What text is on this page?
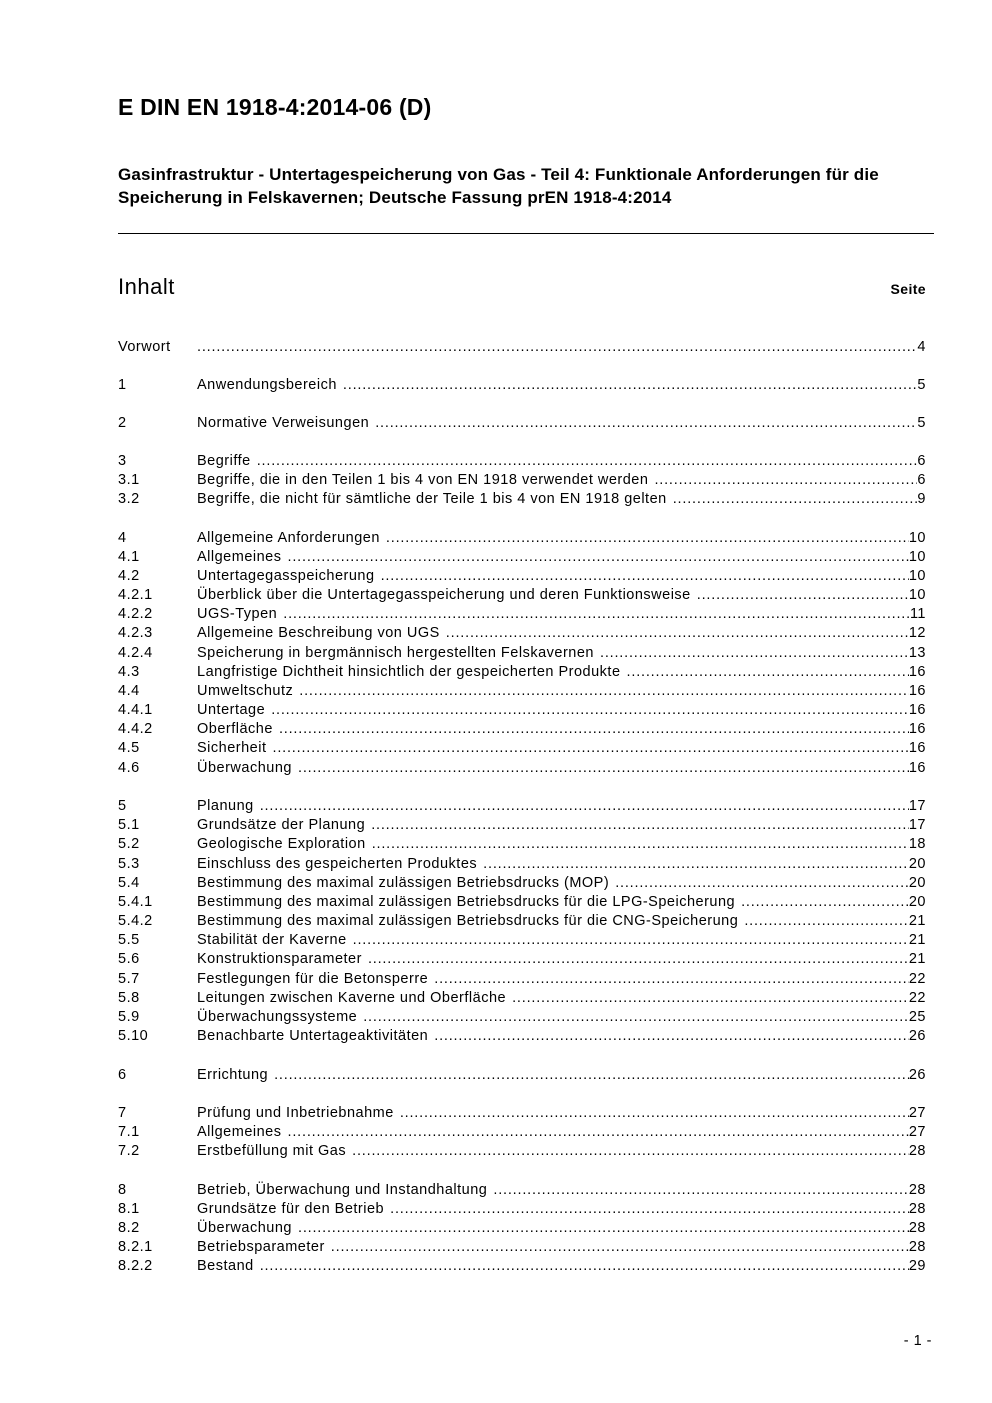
E DIN EN 1918-4:2014-06 (D)

Gasinfrastruktur - Untertagespeicherung von Gas - Teil 4: Funktionale Anforderungen für die Speicherung in Felskavernen; Deutsche Fassung prEN 1918-4:2014

Inhalt	Seite
Vorwort .....	4
1	Anwendungsbereich .....	5
2	Normative Verweisungen .....	5
3	Begriffe .....	6
3.1	Begriffe, die in den Teilen 1 bis 4 von EN 1918 verwendet werden .....	6
3.2	Begriffe, die nicht für sämtliche der Teile 1 bis 4 von EN 1918 gelten .....	9
4	Allgemeine Anforderungen .....	10
4.1	Allgemeines .....	10
4.2	Untertagegasspeicherung .....	10
4.2.1	Überblick über die Untertagegasspeicherung und deren Funktionsweise .....	10
4.2.2	UGS-Typen .....	11
4.2.3	Allgemeine Beschreibung von UGS .....	12
4.2.4	Speicherung in bergmännisch hergestellten Felskavernen .....	13
4.3	Langfristige Dichtheit hinsichtlich der gespeicherten Produkte .....	16
4.4	Umweltschutz .....	16
4.4.1	Untertage .....	16
4.4.2	Oberfläche .....	16
4.5	Sicherheit .....	16
4.6	Überwachung .....	16
5	Planung .....	17
5.1	Grundsätze der Planung .....	17
5.2	Geologische Exploration .....	18
5.3	Einschluss des gespeicherten Produktes .....	20
5.4	Bestimmung des maximal zulässigen Betriebsdrucks (MOP) .....	20
5.4.1	Bestimmung des maximal zulässigen Betriebsdrucks für die LPG-Speicherung .....	20
5.4.2	Bestimmung des maximal zulässigen Betriebsdrucks für die CNG-Speicherung .....	21
5.5	Stabilität der Kaverne .....	21
5.6	Konstruktionsparameter .....	21
5.7	Festlegungen für die Betonsperre .....	22
5.8	Leitungen zwischen Kaverne und Oberfläche .....	22
5.9	Überwachungssysteme .....	25
5.10	Benachbarte Untertageaktivitäten .....	26
6	Errichtung .....	26
7	Prüfung und Inbetriebnahme .....	27
7.1	Allgemeines .....	27
7.2	Erstbefüllung mit Gas .....	28
8	Betrieb, Überwachung und Instandhaltung .....	28
8.1	Grundsätze für den Betrieb .....	28
8.2	Überwachung .....	28
8.2.1	Betriebsparameter .....	28
8.2.2	Bestand .....	29
- 1 -
